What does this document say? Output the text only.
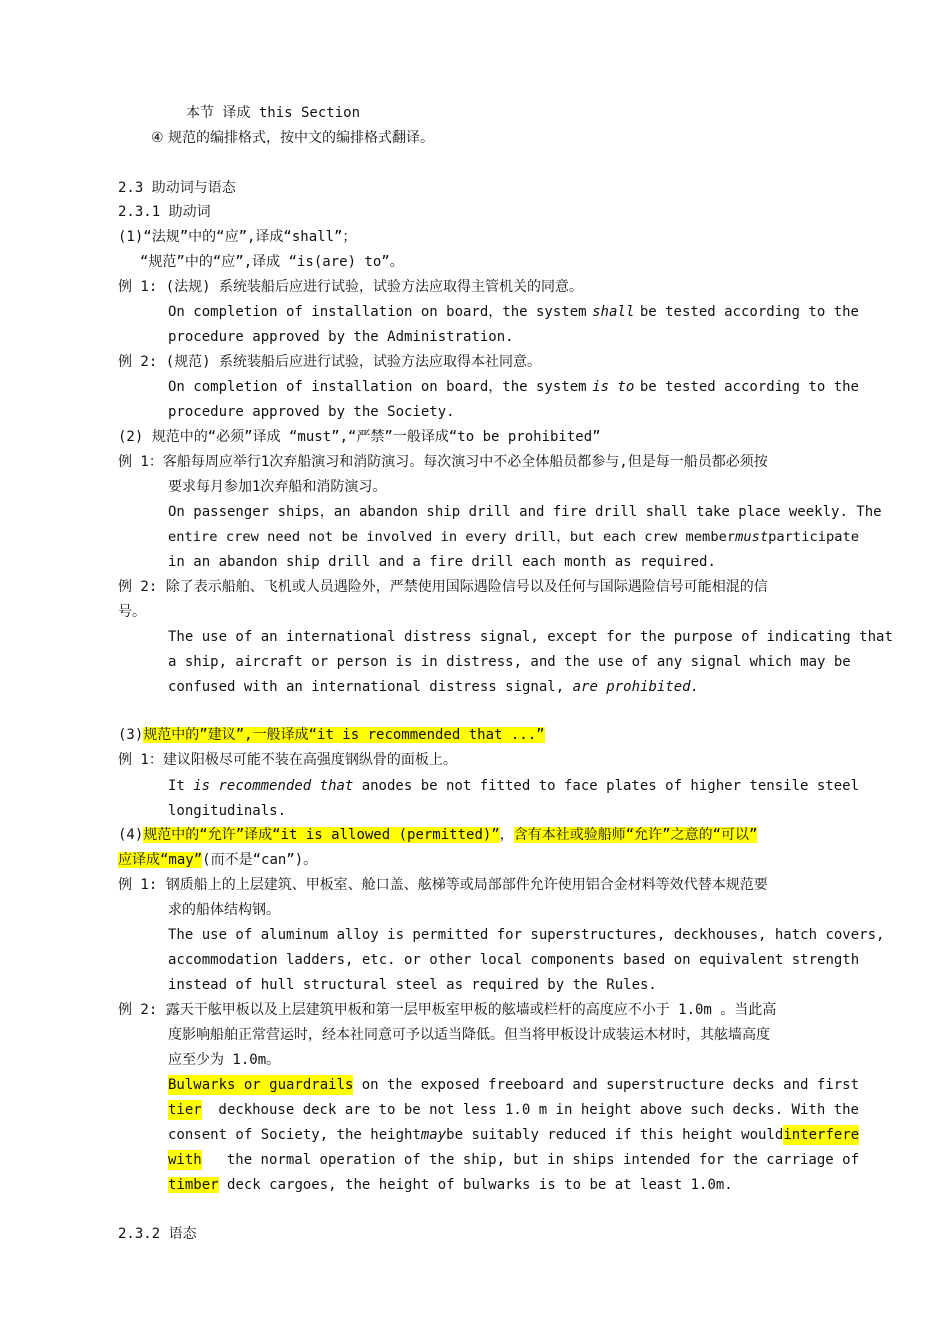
本节 译成 this Section
④ 规范的编排格式，按中文的编排格式翻译。
2.3 助动词与语态
2.3.1 助动词
(1)“法规”中的“应”,译成“shall”；
“规范”中的“应”,译成 “is(are) to”。
例 1: (法规) 系统装船后应进行试验，试验方法应取得主管机关的同意。
On completion of installation on board，the system shall be tested according to the
procedure approved by the Administration.
例 2: (规范) 系统装船后应进行试验，试验方法应取得本社同意。
On completion of installation on board，the system is to be tested according to the
procedure approved by the Society.
(2) 规范中的“必须”译成 “must”,“严禁”一般译成“to be prohibited”
例 1：客船每周应举行1次弃船演习和消防演习。每次演习中不必全体船员都参与,但是每一船员都必须按
要求每月参加1次弃船和消防演习。
On passenger ships，an abandon ship drill and fire drill shall take place weekly. The
entire crew need not be involved in every drill，but each crew member must participate
in an abandon ship drill and a fire drill each month as required.
例 2: 除了表示船舶、飞机或人员遇险外，严禁使用国际遇险信号以及任何与国际遇险信号可能相混的信
号。
The use of an international distress signal, except for the purpose of indicating that
a ship, aircraft or person is in distress, and the use of any signal which may be
confused with an international distress signal, are prohibited.
(3)规范中的”建议”,一般译成“it is recommended that ...”
例 1：建议阳极尽可能不装在高强度钢纵骨的面板上。
It is recommended that anodes be not fitted to face plates of higher tensile steel
longitudinals.
(4)规范中的“允许”译成“it is allowed (permitted)”，含有本社或验船师“允许”之意的“可以”
应译成“may”(而不是“can”)。
例 1: 钢质船上的上层建筑、甲板室、舱口盖、舷梯等或局部部件允许使用铝合金材料等效代替本规范要
求的船体结构钢。
The use of aluminum alloy is permitted for superstructures, deckhouses, hatch covers,
accommodation ladders, etc. or other local components based on equivalent strength
instead of hull structural steel as required by the Rules.
例 2: 露天干舷甲板以及上层建筑甲板和第一层甲板室甲板的舷墙或栏杆的高度应不小于 1.0m 。当此高
度影响船舶正常营运时，经本社同意可予以适当降低。但当将甲板设计成装运木材时，其舷墙高度
应至少为 1.0m。
Bulwarks or guardrails on the exposed freeboard and superstructure decks and first
tier deckhouse deck are to be not less 1.0 m in height above such decks. With the
consent of Society, the height may be suitably reduced if this height would interfere
with the normal operation of the ship, but in ships intended for the carriage of
timber deck cargoes, the height of bulwarks is to be at least 1.0m.
2.3.2 语态
